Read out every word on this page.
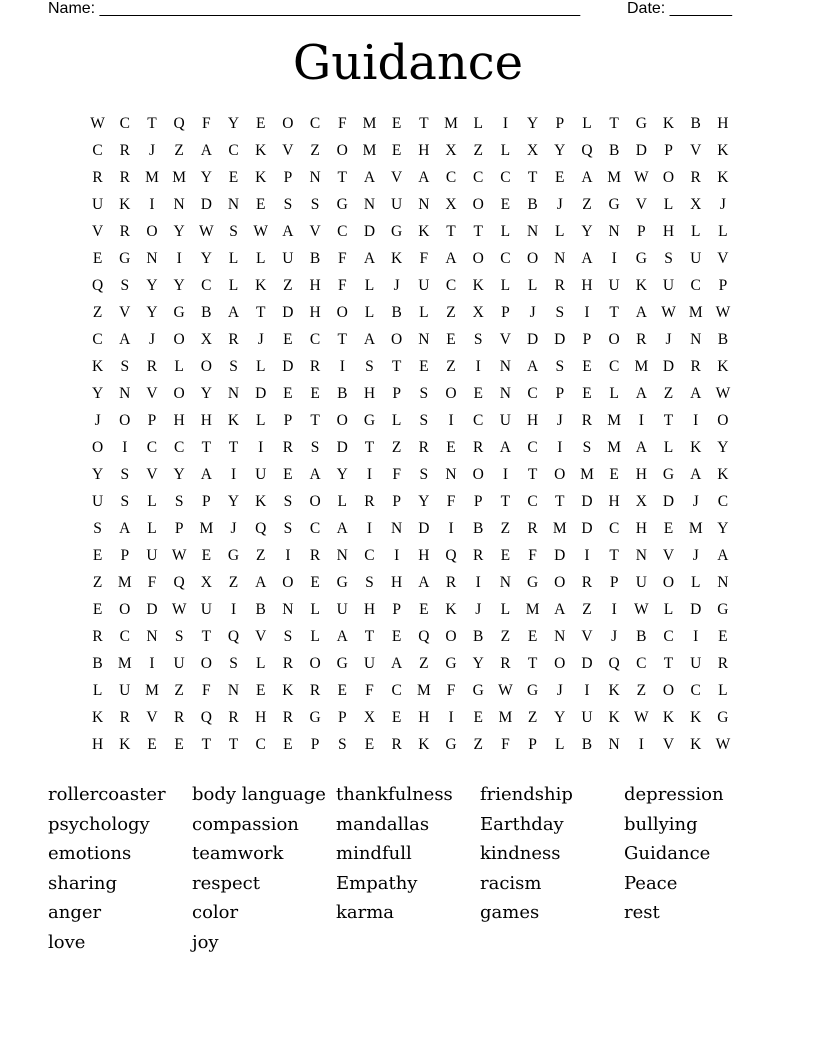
Name: ______________________________________________________	Date: _______
Guidance
W C	T	Q	F	Y	E	O	C	F	M	E	T	M	L	I	Y	P	L	T	G	K	B	H
C	R	J	Z	A	C	K	V	Z	O M	E	H	X	Z	L	X	Y	Q	B	D	P	V	K
R	R M M Y	E	K	P	N	T	A	V	A	C	C	C	T	E	A M W O	R	K
U	K	I	N	D	N	E	S	S	G	N	U	N	X	O	E	B	J	Z	G	V	L	X	J
V	R	O	Y W	S	W A	V	C	D	G	K	T	T	L	N	L	Y	N	P	H	L	L
E	G	N	I	Y	L	L	U	B	F	A	K	F	A	O	C	O	N	A	I	G	S	U	V
Q	S	Y	Y	C	L	K	Z	H	F	L	J	U	C	K	L	L	R	H	U	K	U	C	P
Z	V	Y	G	B	A	T	D	H	O	L	B	L	Z	X	P	J	S	I	T	A W M W
C	A	J	O	X	R	J	E	C	T	A	O	N	E	S	V	D	D	P	O	R	J	N	B
K	S	R	L	O	S	L	D	R	I	S	T	E	Z	I	N	A	S	E	C M D	R	K
Y	N	V	O	Y	N	D	E	E	B	H	P	S	O	E	N	C	P	E	L	A	Z	A W
J	O	P	H	H	K	L	P	T	O	G	L	S	I	C	U	H	J	R M	I	T	I	O
O	I	C	C	T	T	I	R	S	D	T	Z	R	E	R	A	C	I	S	M A	L	K	Y
Y	S	V	Y	A	I	U	E	A	Y	I	F	S	N	O	I	T	O M	E	H	G	A	K
U	S	L	S	P	Y	K	S	O	L	R	P	Y	F	P	T	C	T	D	H	X	D	J	C
S	A	L	P	M	J	Q	S	C	A	I	N	D	I	B	Z	R M D	C	H	E	M Y
E	P	U W E	G	Z	I	R	N	C	I	H	Q	R	E	F	D	I	T	N	V	J	A
Z	M	F	Q	X	Z	A	O	E	G	S	H	A	R	I	N	G	O	R	P	U	O	L	N
E	O	D W U	I	B	N	L	U	H	P	E	K	J	L	M A	Z	I	W L	D	G
R	C	N	S	T	Q	V	S	L	A	T	E	Q	O	B	Z	E	N	V	J	B	C	I	E
B M	I	U	O	S	L	R	O	G	U	A	Z	G	Y	R	T	O	D	Q	C	T	U	R
L	U M	Z	F	N	E	K	R	E	F	C M	F	G W G	J	I	K	Z	O	C	L
K	R	V	R	Q	R	H	R	G	P	X	E	H	I	E	M	Z	Y	U	K W K	K	G
H	K	E	E	T	T	C	E	P	S	E	R	K	G	Z	F	P	L	B	N	I	V	K W
rollercoaster	body language thankfulness	friendship	depression
psychology	compassion	mandallas	Earthday	bullying
emotions	teamwork	mindfull	kindness	Guidance
sharing	respect	Empathy	racism	Peace
anger	color	karma	games	rest
love	joy
